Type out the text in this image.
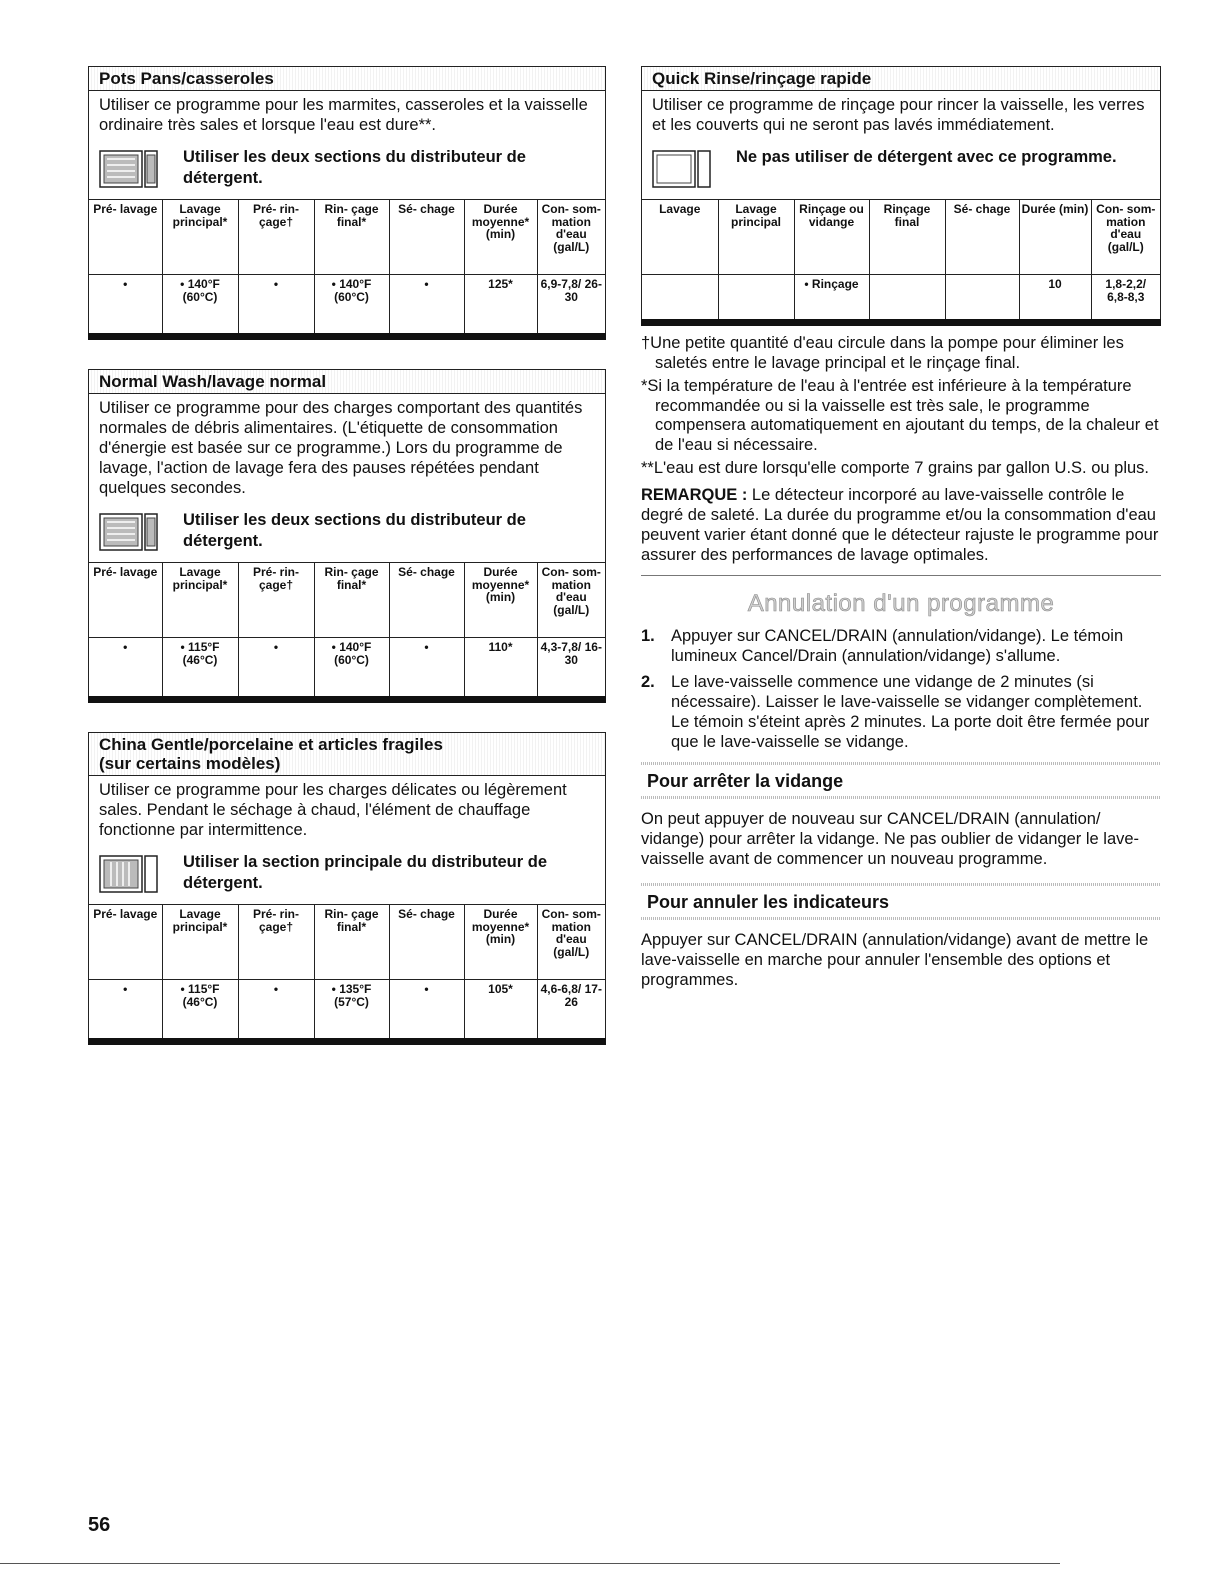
Pots Pans/casseroles
Utiliser ce programme pour les marmites, casseroles et la vaisselle ordinaire très sales et lorsque l'eau est dure**.
Utiliser les deux sections du distributeur de détergent.
Pré- lavage	Lavage principal*	Pré- rin- çage†	Rin- çage final*	Sé- chage	Durée moyenne* (min)	Con- som- mation d'eau (gal/L)
•	• 140°F (60°C)	•	• 140°F (60°C)	•	125*	6,9-7,8/ 26-30
Normal Wash/lavage normal
Utiliser ce programme pour des charges comportant des quantités normales de débris alimentaires. (L'étiquette de consommation d'énergie est basée sur ce programme.) Lors du programme de lavage, l'action de lavage fera des pauses répétées pendant quelques secondes.
Utiliser les deux sections du distributeur de détergent.
Pré- lavage	Lavage principal*	Pré- rin- çage†	Rin- çage final*	Sé- chage	Durée moyenne* (min)	Con- som- mation d'eau (gal/L)
•	• 115°F (46°C)	•	• 140°F (60°C)	•	110*	4,3-7,8/ 16-30
China Gentle/porcelaine et articles fragiles
(sur certains modèles)
Utiliser ce programme pour les charges délicates ou légèrement sales. Pendant le séchage à chaud, l'élément de chauffage fonctionne par intermittence.
Utiliser la section principale du distributeur de détergent.
Pré- lavage	Lavage principal*	Pré- rin- çage†	Rin- çage final*	Sé- chage	Durée moyenne* (min)	Con- som- mation d'eau (gal/L)
•	• 115°F (46°C)	•	• 135°F (57°C)	•	105*	4,6-6,8/ 17-26
Quick Rinse/rinçage rapide
Utiliser ce programme de rinçage pour rincer la vaisselle, les verres et les couverts qui ne seront pas lavés immédiatement.
Ne pas utiliser de détergent avec ce programme.
Lavage	Lavage principal	Rinçage ou vidange	Rinçage final	Sé- chage	Durée (min)	Con- som- mation d'eau (gal/L)
		• Rinçage			10	1,8-2,2/ 6,8-8,3
†Une petite quantité d'eau circule dans la pompe pour éliminer les saletés entre le lavage principal et le rinçage final.
*Si la température de l'eau à l'entrée est inférieure à la température recommandée ou si la vaisselle est très sale, le programme compensera automatiquement en ajoutant du temps, de la chaleur et de l'eau si nécessaire.
**L'eau est dure lorsqu'elle comporte 7 grains par gallon U.S. ou plus.
REMARQUE : Le détecteur incorporé au lave-vaisselle contrôle le degré de saleté. La durée du programme et/ou la consommation d'eau peuvent varier étant donné que le détecteur rajuste le programme pour assurer des performances de lavage optimales.
Annulation d'un programme
1. Appuyer sur CANCEL/DRAIN (annulation/vidange). Le témoin lumineux Cancel/Drain (annulation/vidange) s'allume.
2. Le lave-vaisselle commence une vidange de 2 minutes (si nécessaire). Laisser le lave-vaisselle se vidanger complètement. Le témoin s'éteint après 2 minutes. La porte doit être fermée pour que le lave-vaisselle se vidange.
Pour arrêter la vidange
On peut appuyer de nouveau sur CANCEL/DRAIN (annulation/ vidange) pour arrêter la vidange. Ne pas oublier de vidanger le lave-vaisselle avant de commencer un nouveau programme.
Pour annuler les indicateurs
Appuyer sur CANCEL/DRAIN (annulation/vidange) avant de mettre le lave-vaisselle en marche pour annuler l'ensemble des options et programmes.
56
